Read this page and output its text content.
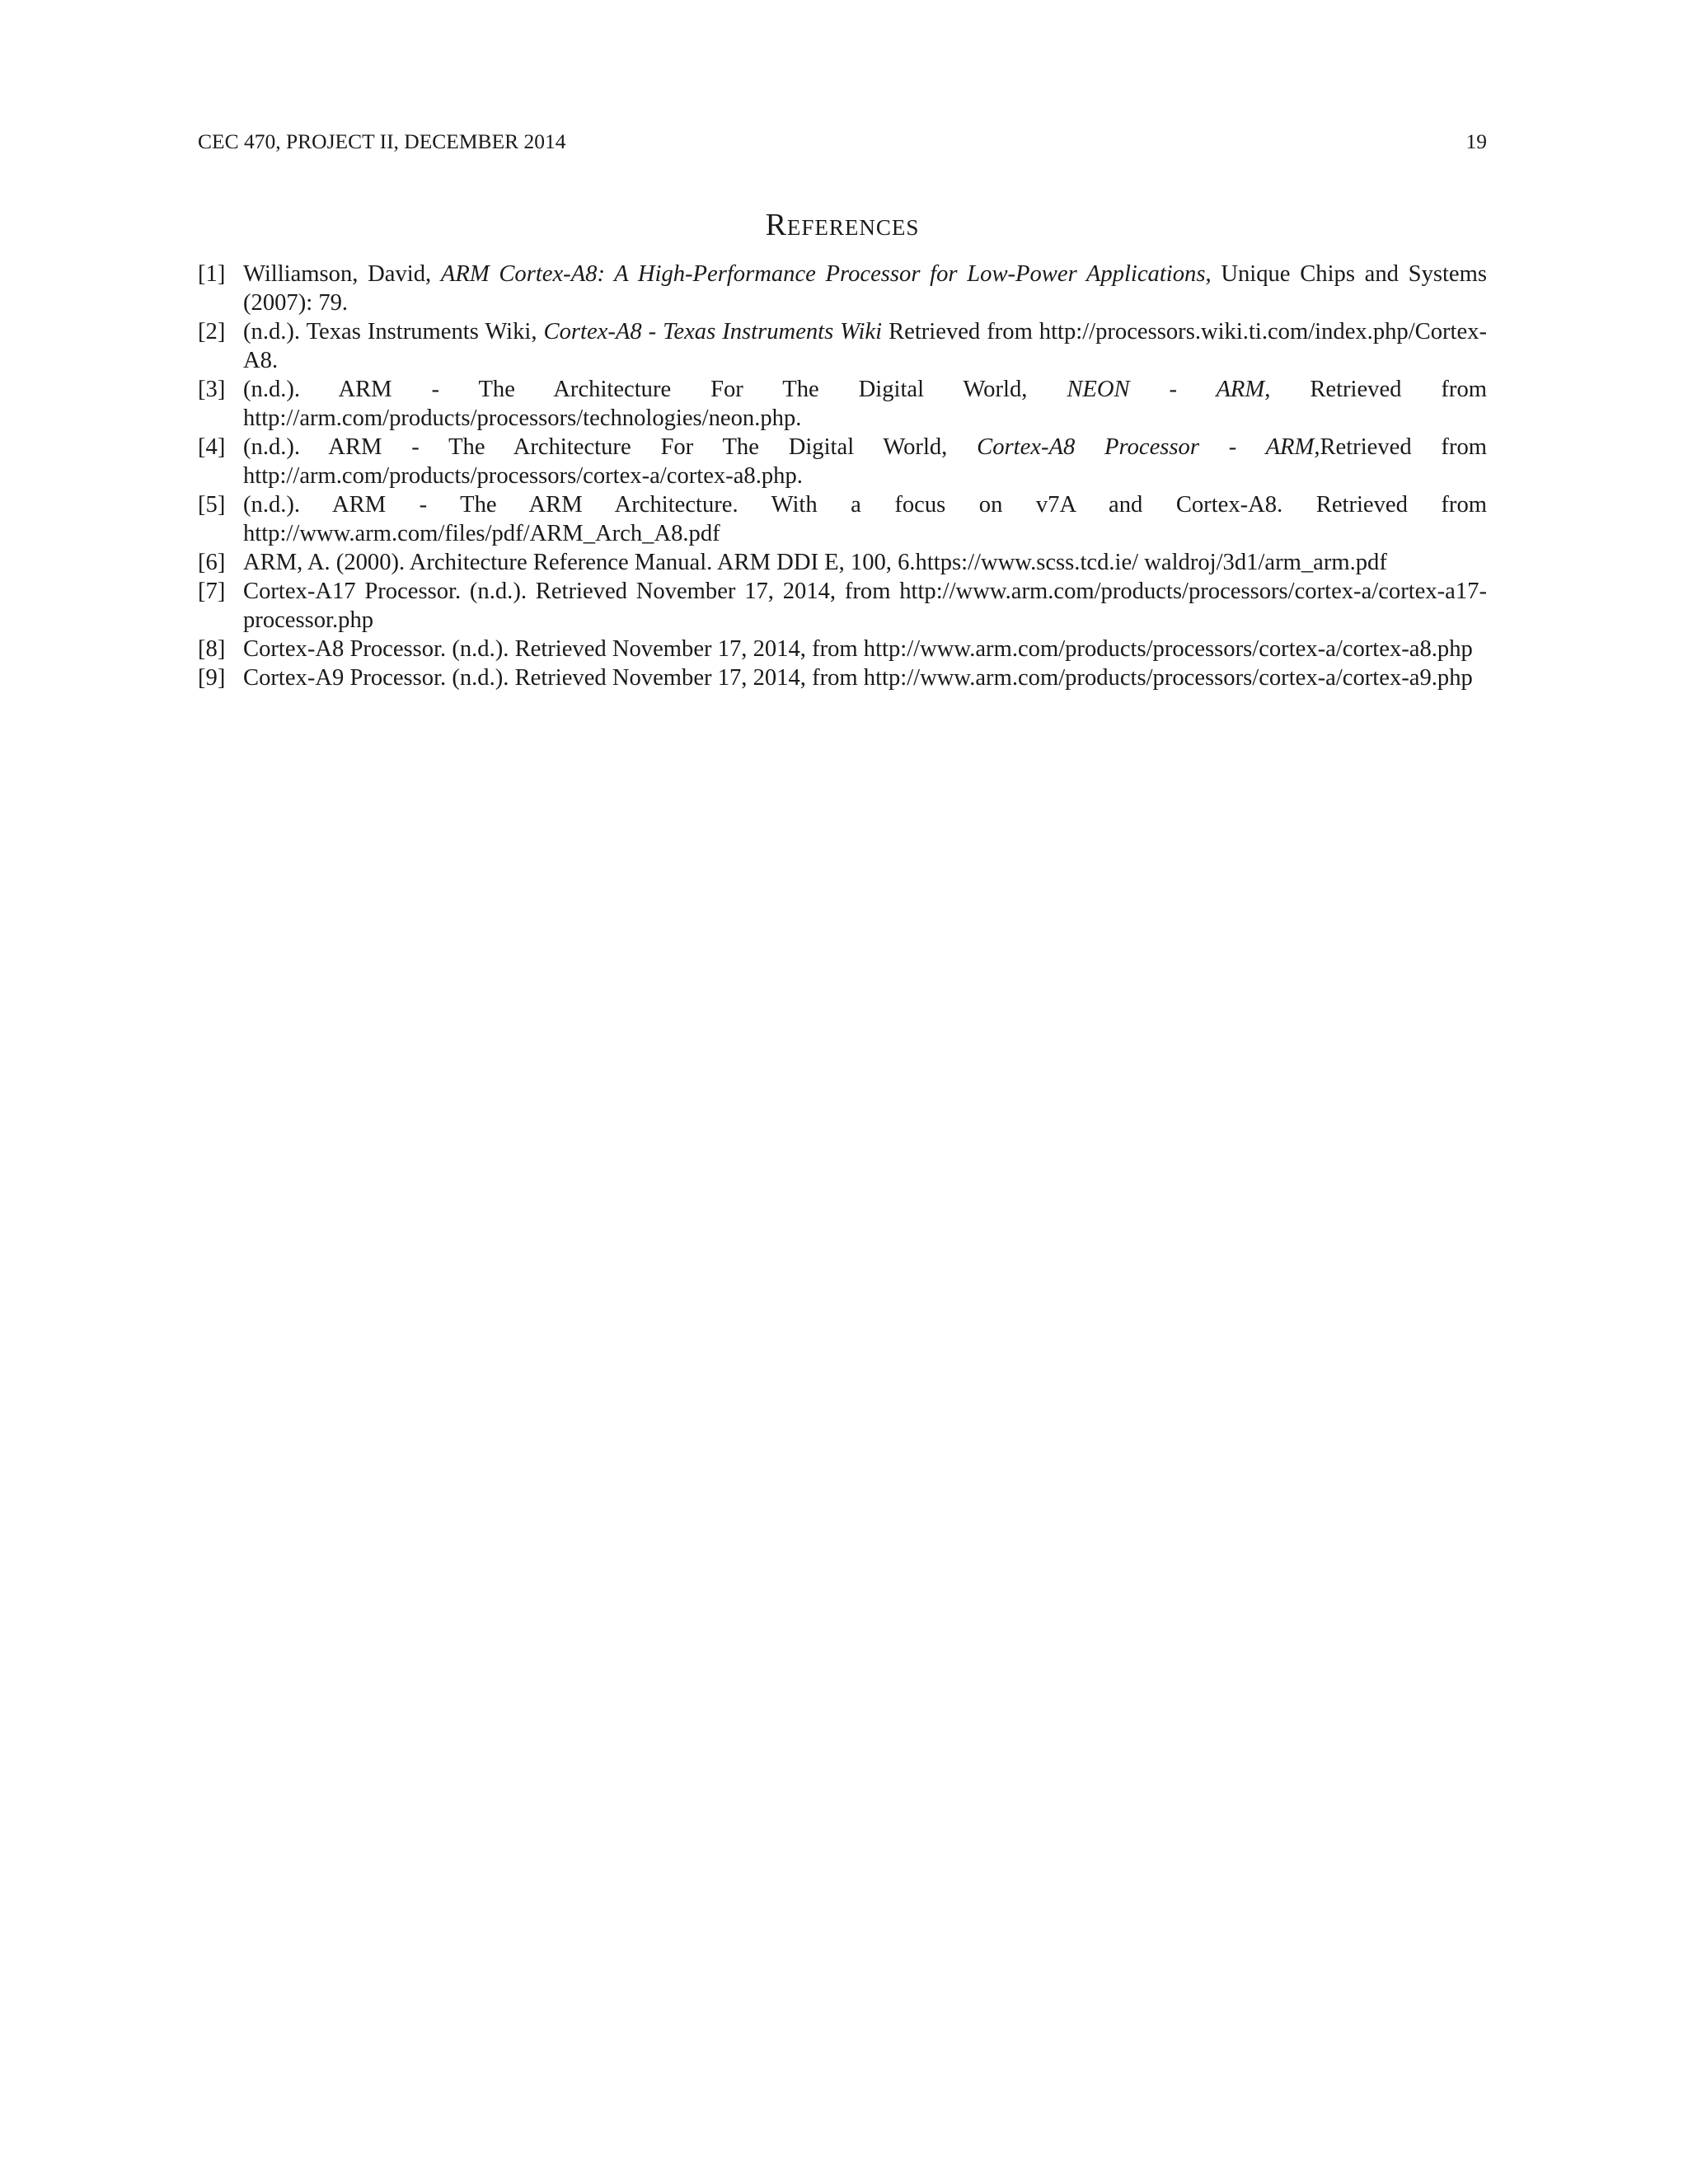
CEC 470, PROJECT II, DECEMBER 2014	19
References
[1] Williamson, David, ARM Cortex-A8: A High-Performance Processor for Low-Power Applications, Unique Chips and Systems (2007): 79.
[2] (n.d.). Texas Instruments Wiki, Cortex-A8 - Texas Instruments Wiki Retrieved from http://processors.wiki.ti.com/index.php/Cortex-A8.
[3] (n.d.). ARM - The Architecture For The Digital World, NEON - ARM, Retrieved from http://arm.com/products/processors/technologies/neon.php.
[4] (n.d.). ARM - The Architecture For The Digital World, Cortex-A8 Processor - ARM,Retrieved from http://arm.com/products/processors/cortex-a/cortex-a8.php.
[5] (n.d.). ARM - The ARM Architecture. With a focus on v7A and Cortex-A8. Retrieved from http://www.arm.com/files/pdf/ARM_Arch_A8.pdf
[6] ARM, A. (2000). Architecture Reference Manual. ARM DDI E, 100, 6.https://www.scss.tcd.ie/ waldroj/3d1/arm_arm.pdf
[7] Cortex-A17 Processor. (n.d.). Retrieved November 17, 2014, from http://www.arm.com/products/processors/cortex-a/cortex-a17-processor.php
[8] Cortex-A8 Processor. (n.d.). Retrieved November 17, 2014, from http://www.arm.com/products/processors/cortex-a/cortex-a8.php
[9] Cortex-A9 Processor. (n.d.). Retrieved November 17, 2014, from http://www.arm.com/products/processors/cortex-a/cortex-a9.php
